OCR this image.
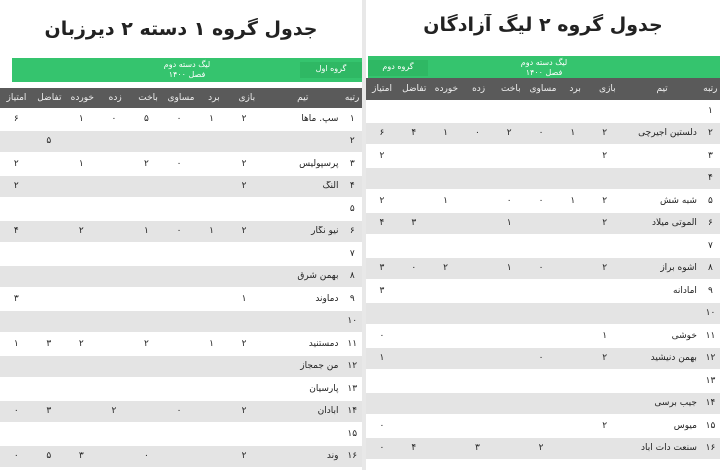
جدول گروه ۱ دسته ۲ دیرزبان
لیگ دسته دوم
فصل ۱۴۰۰
گروه اول
رتبه
تیم
بازی
برد
مساوی
باخت
زده
خورده
تفاضل
امتیاز
۱
سپ. ماها
۲
۱
۰
۵
۰
۱
۶
۲
۵
۳
پرسپولیس
۲
۰
۲
۱
۲
۴
النگ
۲
۲
۵
۶
نیو نگار
۲
۱
۰
۱
۲
۴
۷
۸
بهمن شرق
۹
دماوند
۱
۳
۱۰
۱۱
دمستنید
۲
۱
۲
۲
۳
۱
۱۲
من جمجاز
۱۳
پارسیان
۱۴
آبادان
۲
۰
۲
۳
۰
۱۵
۱۶
وند
۲
۰
۳
۵
۰
جدول گروه ۲ لیگ آزادگان
لیگ دسته دوم
فصل ۱۴۰۰
گروه دوم
رتبه
تیم
بازی
برد
مساوی
باخت
زده
خورده
تفاضل
امتیاز
۱
۲
دلستین آجیرچی
۲
۱
۰
۲
۰
۱
۴
۶
۳
۲
۲
۴
۵
شبه شش
۲
۱
۰
۰
۱
۲
۶
الموتی میلاد
۲
۱
۳
۴
۷
۸
اشوه براز
۲
۰
۱
۲
۰
۳
۹
امادانه
۳
۱۰
۱۱
خوشی
۱
۰
۱۲
بهمن دنیشید
۲
۰
۱
۱۳
۱۴
جیب برسی
۱۵
میوس
۲
۰
۱۶
سنعت دات آباد
۲
۳
۴
۰
